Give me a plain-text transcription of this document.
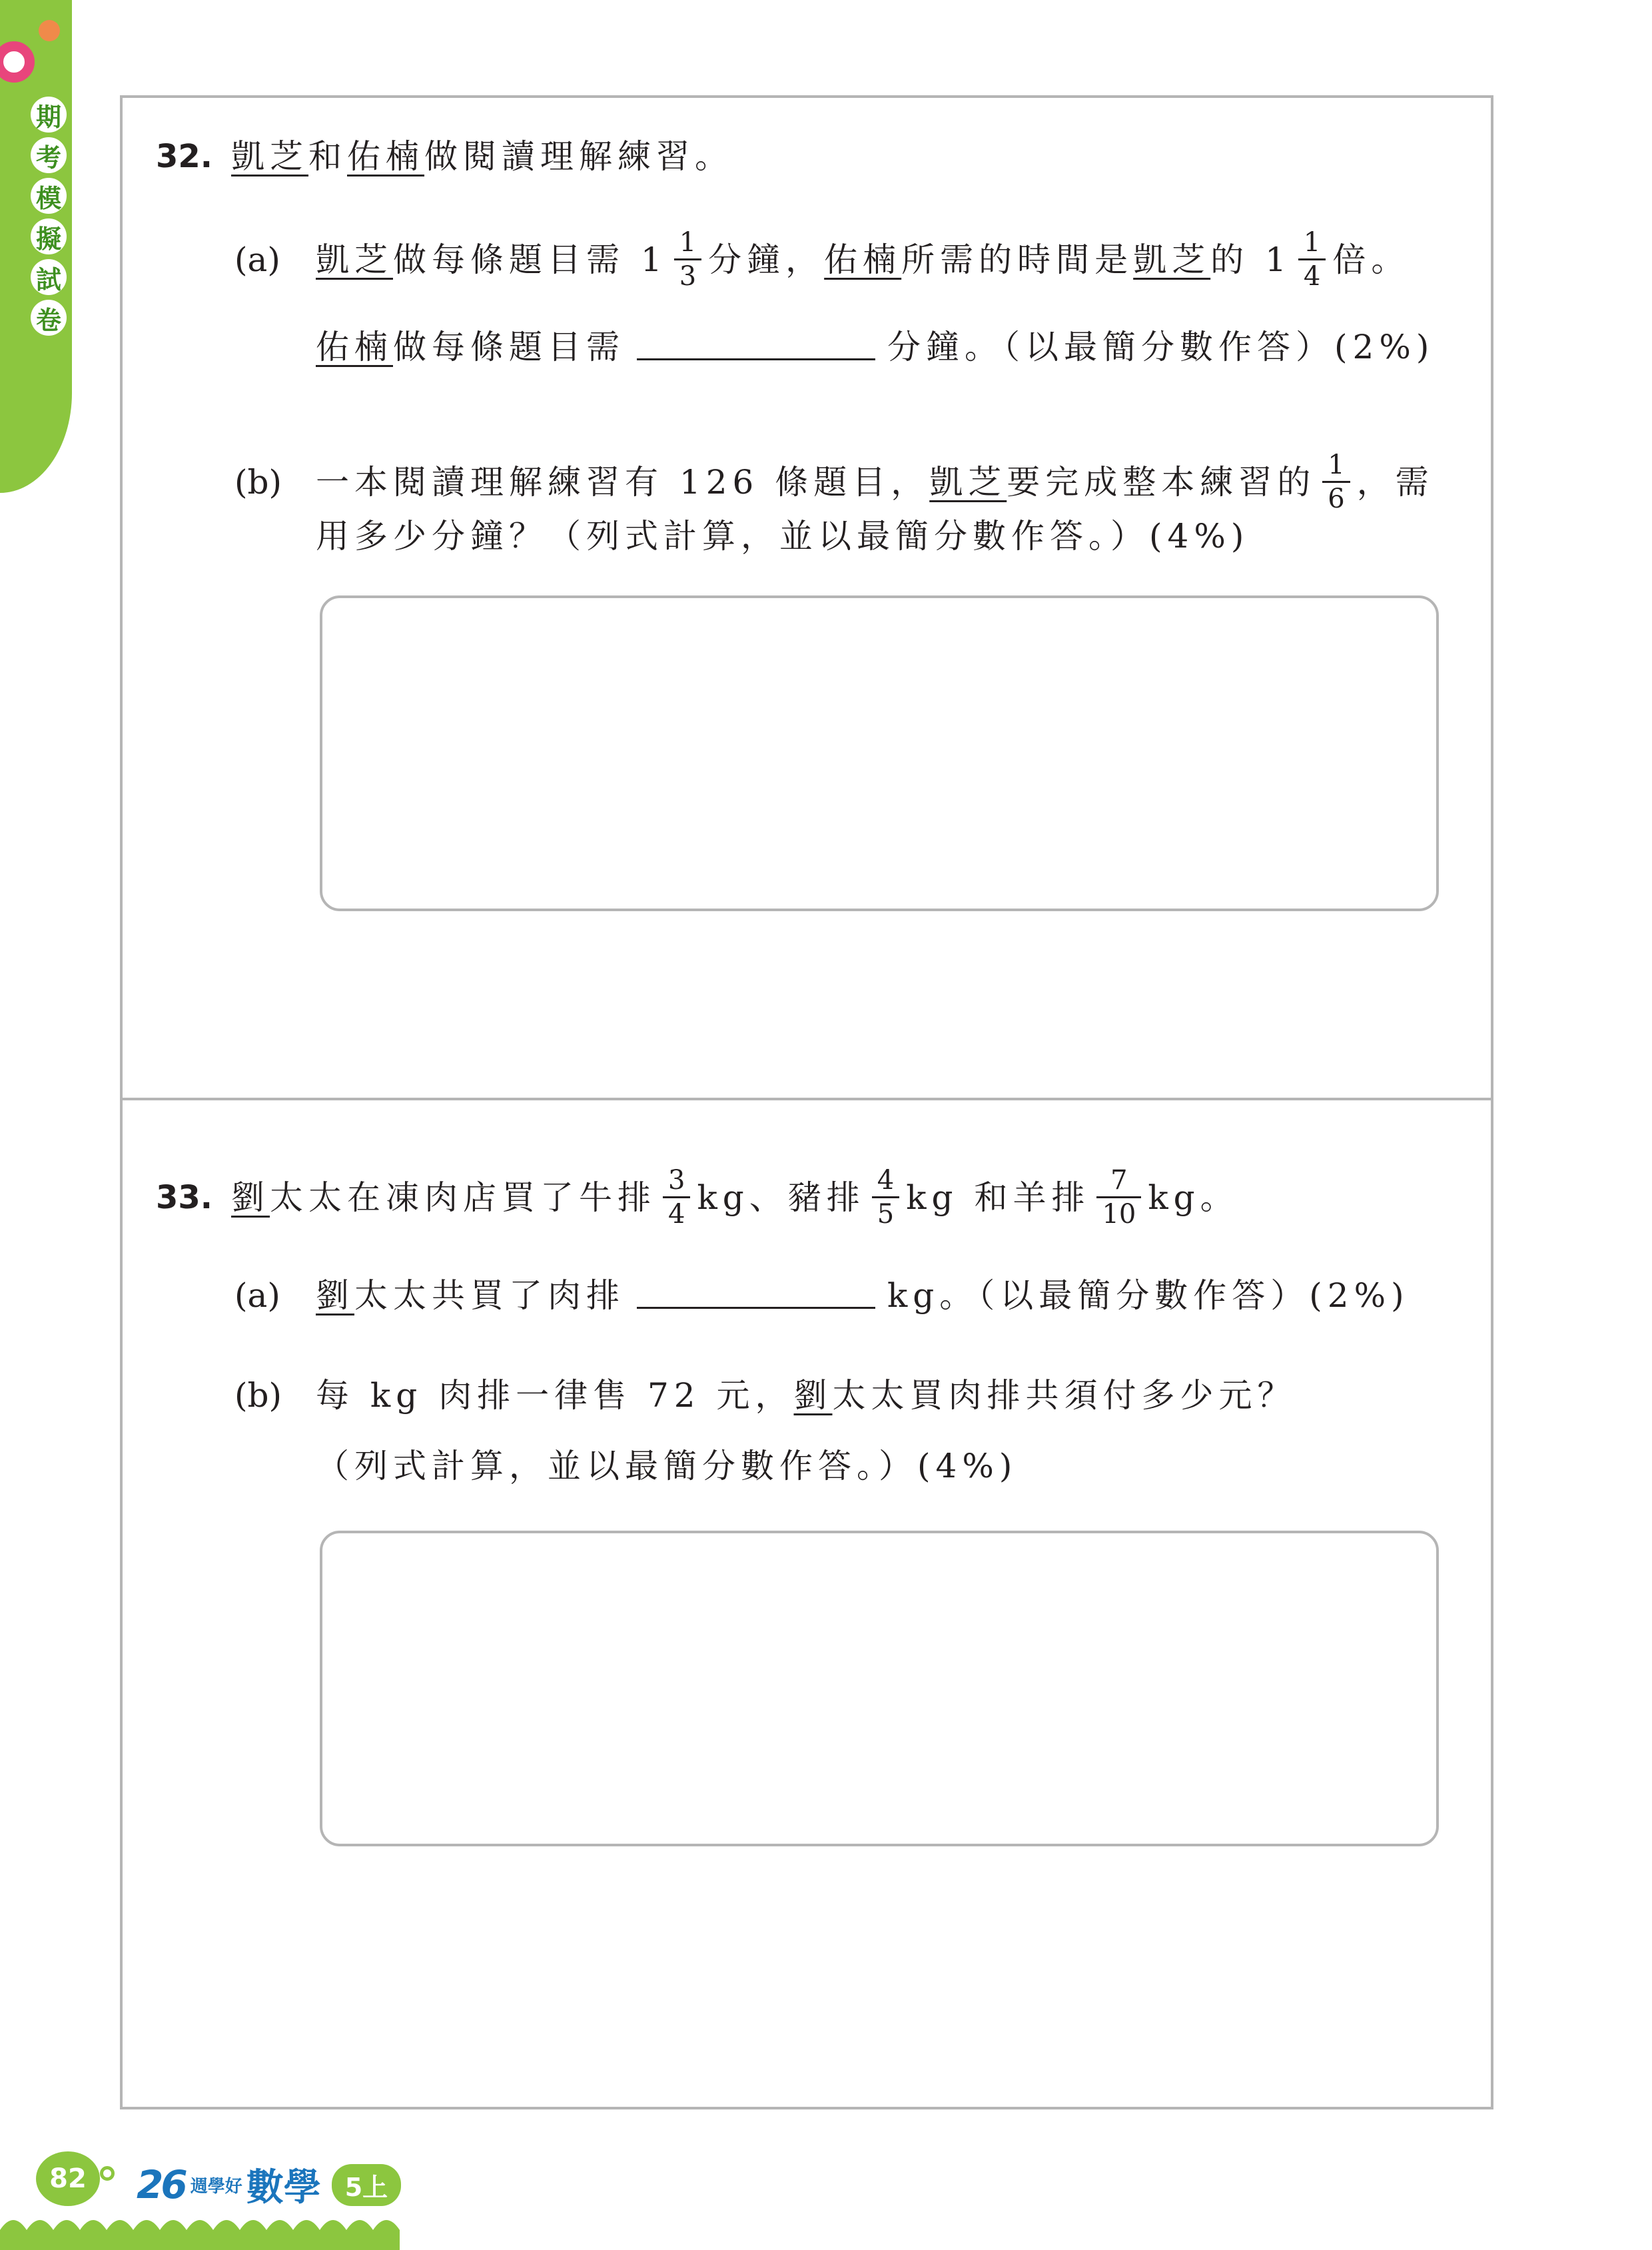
期
考
模
擬
試
卷
32. 凱芝 和 佑楠 做閱讀理解練習。
(a)	凱芝 做每條題目需 $1 \frac{1}{3}$ 分鐘， 佑楠 所需的時間是 凱芝 的 $1 \frac{1}{4}$ 倍。
佑楠 做每條題目需	分鐘。（以最簡分數作答）(2%)
(b)	一本閱讀理解練習有 126 條題目， 凱芝 要完成整本練習的 $\frac{1}{6}$ ，需
用多少分鐘？（列式計算，並以最簡分數作答。）(4%)
33. 劉 太太在凍肉店買了牛排 $\frac{3}{4}$ kg、豬排 $\frac{4}{5}$ kg 和羊排 $\frac{7}{10}$ kg。
(a)	劉 太太共買了肉排	kg。（以最簡分數作答）(2%)
(b)	每 kg 肉排一律售 72 元， 劉 太太買肉排共須付多少元？
（列式計算，並以最簡分數作答。）(4%)
82	26 週學好 數學 5上
